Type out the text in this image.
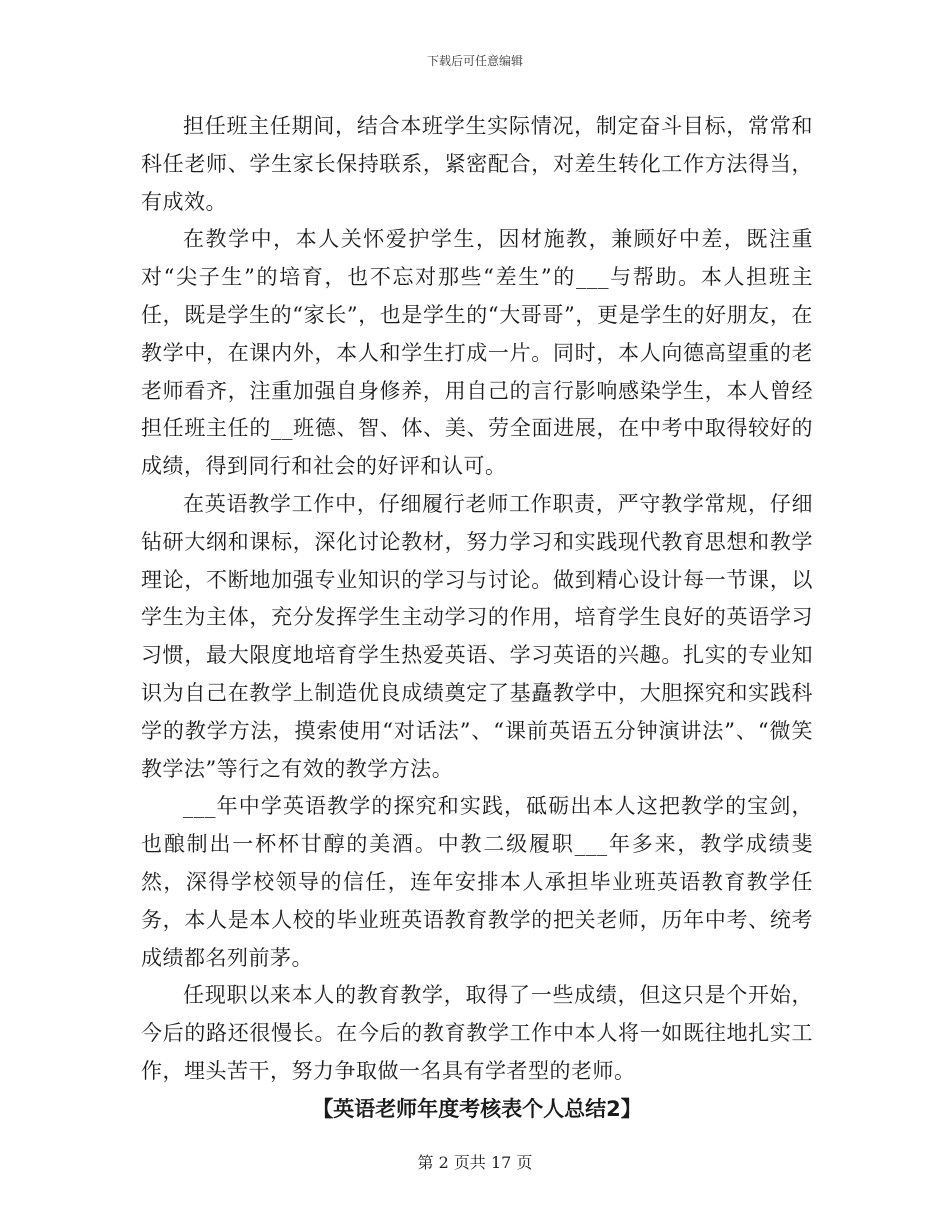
下载后可任意编辑

担任班主任期间，结合本班学生实际情况，制定奋斗目标，常常和科任老师、学生家长保持联系，紧密配合，对差生转化工作方法得当，有成效。

在教学中，本人关怀爱护学生，因材施教，兼顾好中差，既注重对“尖子生”的培育，也不忘对那些“差生”的___与帮助。本人担班主任，既是学生的“家长”，也是学生的“大哥哥”，更是学生的好朋友，在教学中，在课内外，本人和学生打成一片。同时，本人向德高望重的老老师看齐，注重加强自身修养，用自己的言行影响感染学生，本人曾经担任班主任的__班德、智、体、美、劳全面进展，在中考中取得较好的成绩，得到同行和社会的好评和认可。

在英语教学工作中，仔细履行老师工作职责，严守教学常规，仔细钻研大纲和课标，深化讨论教材，努力学习和实践现代教育思想和教学理论，不断地加强专业知识的学习与讨论。做到精心设计每一节课，以学生为主体，充分发挥学生主动学习的作用，培育学生良好的英语学习习惯，最大限度地培育学生热爱英语、学习英语的兴趣。扎实的专业知识为自己在教学上制造优良成绩奠定了基矗教学中，大胆探究和实践科学的教学方法，摸索使用“对话法”、“课前英语五分钟演讲法”、“微笑教学法”等行之有效的教学方法。

___年中学英语教学的探究和实践，砥砺出本人这把教学的宝剑，也酿制出一杯杯甘醇的美酒。中教二级履职___年多来，教学成绩斐然，深得学校领导的信任，连年安排本人承担毕业班英语教育教学任务，本人是本人校的毕业班英语教育教学的把关老师，历年中考、统考成绩都名列前茅。

任现职以来本人的教育教学，取得了一些成绩，但这只是个开始，今后的路还很慢长。在今后的教育教学工作中本人将一如既往地扎实工作，埋头苦干，努力争取做一名具有学者型的老师。

【英语老师年度考核表个人总结2】

第 2 页共 17 页
